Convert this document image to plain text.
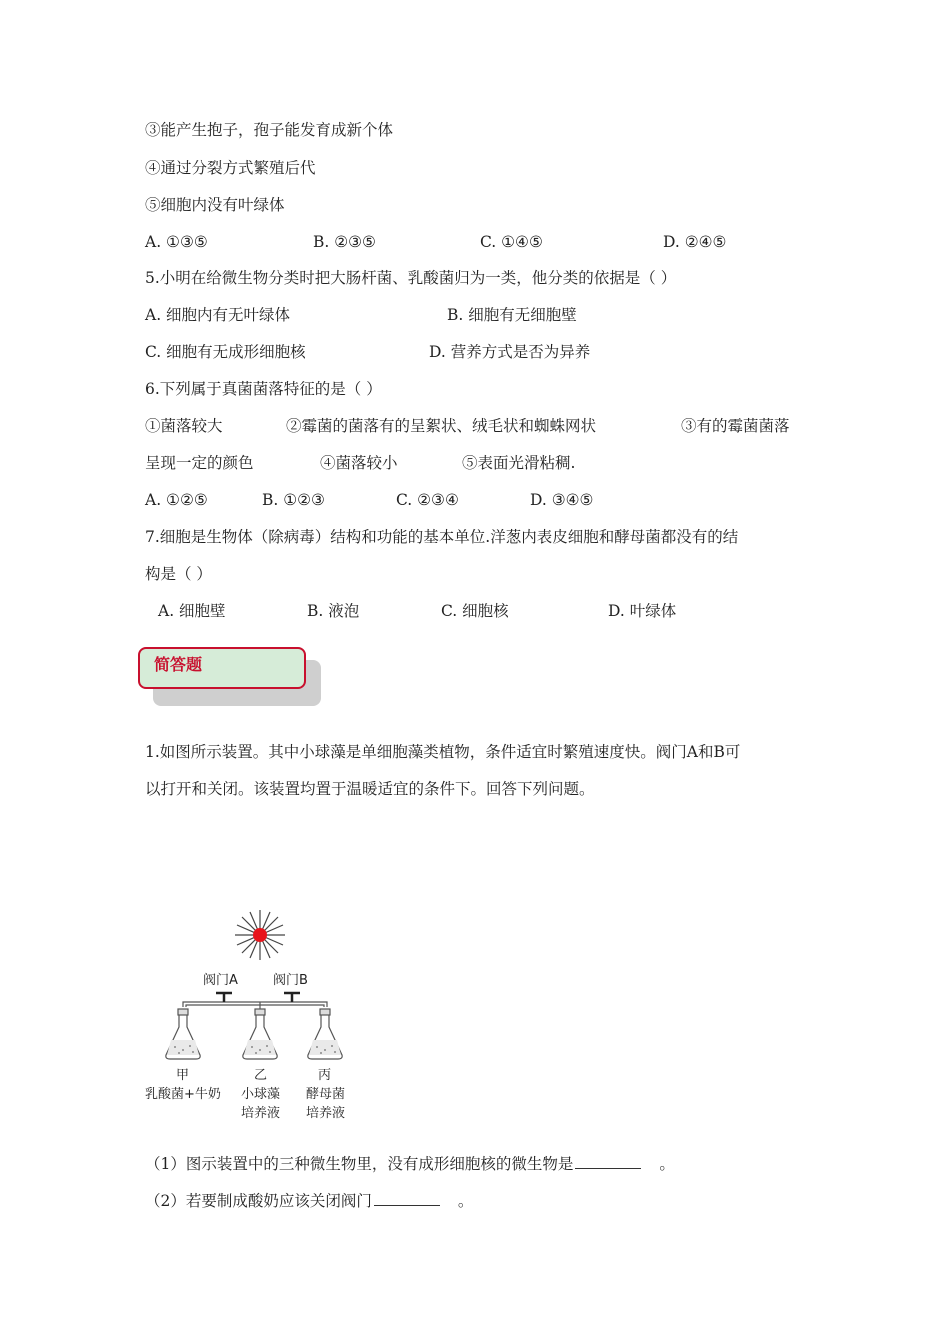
③能产生抱子，孢子能发育成新个体
④通过分裂方式繁殖后代
⑤细胞内没有叶绿体
A. ①③⑤	B. ②③⑤	C. ①④⑤	D. ②④⑤
5.小明在给微生物分类时把大肠杆菌、乳酸菌归为一类，他分类的依据是（ ）
A. 细胞内有无叶绿体	B. 细胞有无细胞壁
C. 细胞有无成形细胞核	D. 营养方式是否为异养
6.下列属于真菌菌落特征的是（ ）
①菌落较大	②霉菌的菌落有的呈絮状、绒毛状和蜘蛛网状	③有的霉菌菌落
呈现一定的颜色	④菌落较小	⑤表面光滑粘稠.
A. ①②⑤	B. ①②③	C. ②③④	D. ③④⑤
7.细胞是生物体（除病毒）结构和功能的基本单位.洋葱内表皮细胞和酵母菌都没有的结
构是（ ）
A. 细胞壁	B. 液泡	C. 细胞核	D. 叶绿体
简答题
1.如图所示装置。其中小球藻是单细胞藻类植物，条件适宜时繁殖速度快。阀门A和B可
以打开和关闭。该装置均置于温暖适宜的条件下。回答下列问题。
阀门A	阀门B
甲
乳酸菌+牛奶
乙
小球藻
培养液
丙
酵母菌
培养液
（1）图示装置中的三种微生物里，没有成形细胞核的微生物是	。
（2）若要制成酸奶应该关闭阀门	。
